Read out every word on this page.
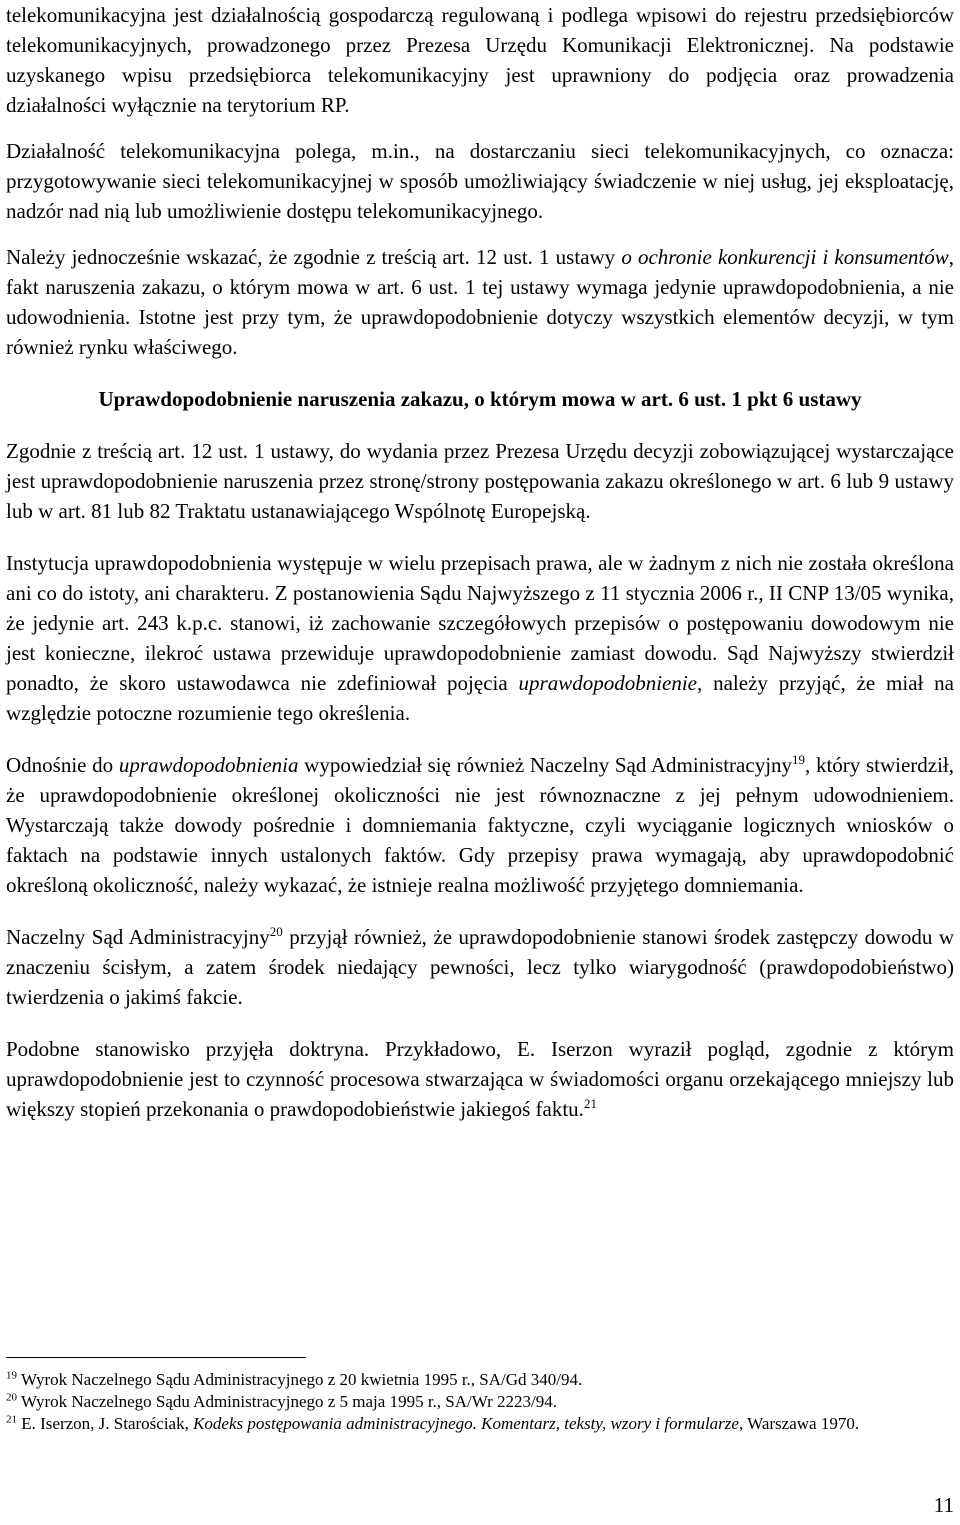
telekomunikacyjna jest działalnością gospodarczą regulowaną i podlega wpisowi do rejestru przedsiębiorców telekomunikacyjnych, prowadzonego przez Prezesa Urzędu Komunikacji Elektronicznej. Na podstawie uzyskanego wpisu przedsiębiorca telekomunikacyjny jest uprawniony do podjęcia oraz prowadzenia działalności wyłącznie na terytorium RP.

Działalność telekomunikacyjna polega, m.in., na dostarczaniu sieci telekomunikacyjnych, co oznacza: przygotowywanie sieci telekomunikacyjnej w sposób umożliwiający świadczenie w niej usług, jej eksploatację, nadzór nad nią lub umożliwienie dostępu telekomunikacyjnego.

Należy jednocześnie wskazać, że zgodnie z treścią art. 12 ust. 1 ustawy o ochronie konkurencji i konsumentów, fakt naruszenia zakazu, o którym mowa w art. 6 ust. 1 tej ustawy wymaga jedynie uprawdopodobnienia, a nie udowodnienia. Istotne jest przy tym, że uprawdopodobnienie dotyczy wszystkich elementów decyzji, w tym również rynku właściwego.

Uprawdopodobnienie naruszenia zakazu, o którym mowa w art. 6 ust. 1 pkt 6 ustawy

Zgodnie z treścią art. 12 ust. 1 ustawy, do wydania przez Prezesa Urzędu decyzji zobowiązującej wystarczające jest uprawdopodobnienie naruszenia przez stronę/strony postępowania zakazu określonego w art. 6 lub 9 ustawy lub w art. 81 lub 82 Traktatu ustanawiającego Wspólnotę Europejską.

Instytucja uprawdopodobnienia występuje w wielu przepisach prawa, ale w żadnym z nich nie została określona ani co do istoty, ani charakteru. Z postanowienia Sądu Najwyższego z 11 stycznia 2006 r., II CNP 13/05 wynika, że jedynie art. 243 k.p.c. stanowi, iż zachowanie szczegółowych przepisów o postępowaniu dowodowym nie jest konieczne, ilekroć ustawa przewiduje uprawdopodobnienie zamiast dowodu. Sąd Najwyższy stwierdził ponadto, że skoro ustawodawca nie zdefiniował pojęcia uprawdopodobnienie, należy przyjąć, że miał na względzie potoczne rozumienie tego określenia.

Odnośnie do uprawdopodobnienia wypowiedział się również Naczelny Sąd Administracyjny$^{19}$, który stwierdził, że uprawdopodobnienie określonej okoliczności nie jest równoznaczne z jej pełnym udowodnieniem. Wystarczają także dowody pośrednie i domniemania faktyczne, czyli wyciąganie logicznych wniosków o faktach na podstawie innych ustalonych faktów. Gdy przepisy prawa wymagają, aby uprawdopodobnić określoną okoliczność, należy wykazać, że istnieje realna możliwość przyjętego domniemania.

Naczelny Sąd Administracyjny$^{20}$ przyjął również, że uprawdopodobnienie stanowi środek zastępczy dowodu w znaczeniu ścisłym, a zatem środek niedający pewności, lecz tylko wiarygodność (prawdopodobieństwo) twierdzenia o jakimś fakcie.

Podobne stanowisko przyjęła doktryna. Przykładowo, E. Iserzon wyraził pogląd, zgodnie z którym uprawdopodobnienie jest to czynność procesowa stwarzająca w świadomości organu orzekającego mniejszy lub większy stopień przekonania o prawdopodobieństwie jakiegoś faktu.$^{21}$

$^{19}$ Wyrok Naczelnego Sądu Administracyjnego z 20 kwietnia 1995 r., SA/Gd 340/94.

$^{20}$ Wyrok Naczelnego Sądu Administracyjnego z 5 maja 1995 r., SA/Wr 2223/94.

$^{21}$ E. Iserzon, J. Starościak, Kodeks postępowania administracyjnego. Komentarz, teksty, wzory i formularze, Warszawa 1970.

11
